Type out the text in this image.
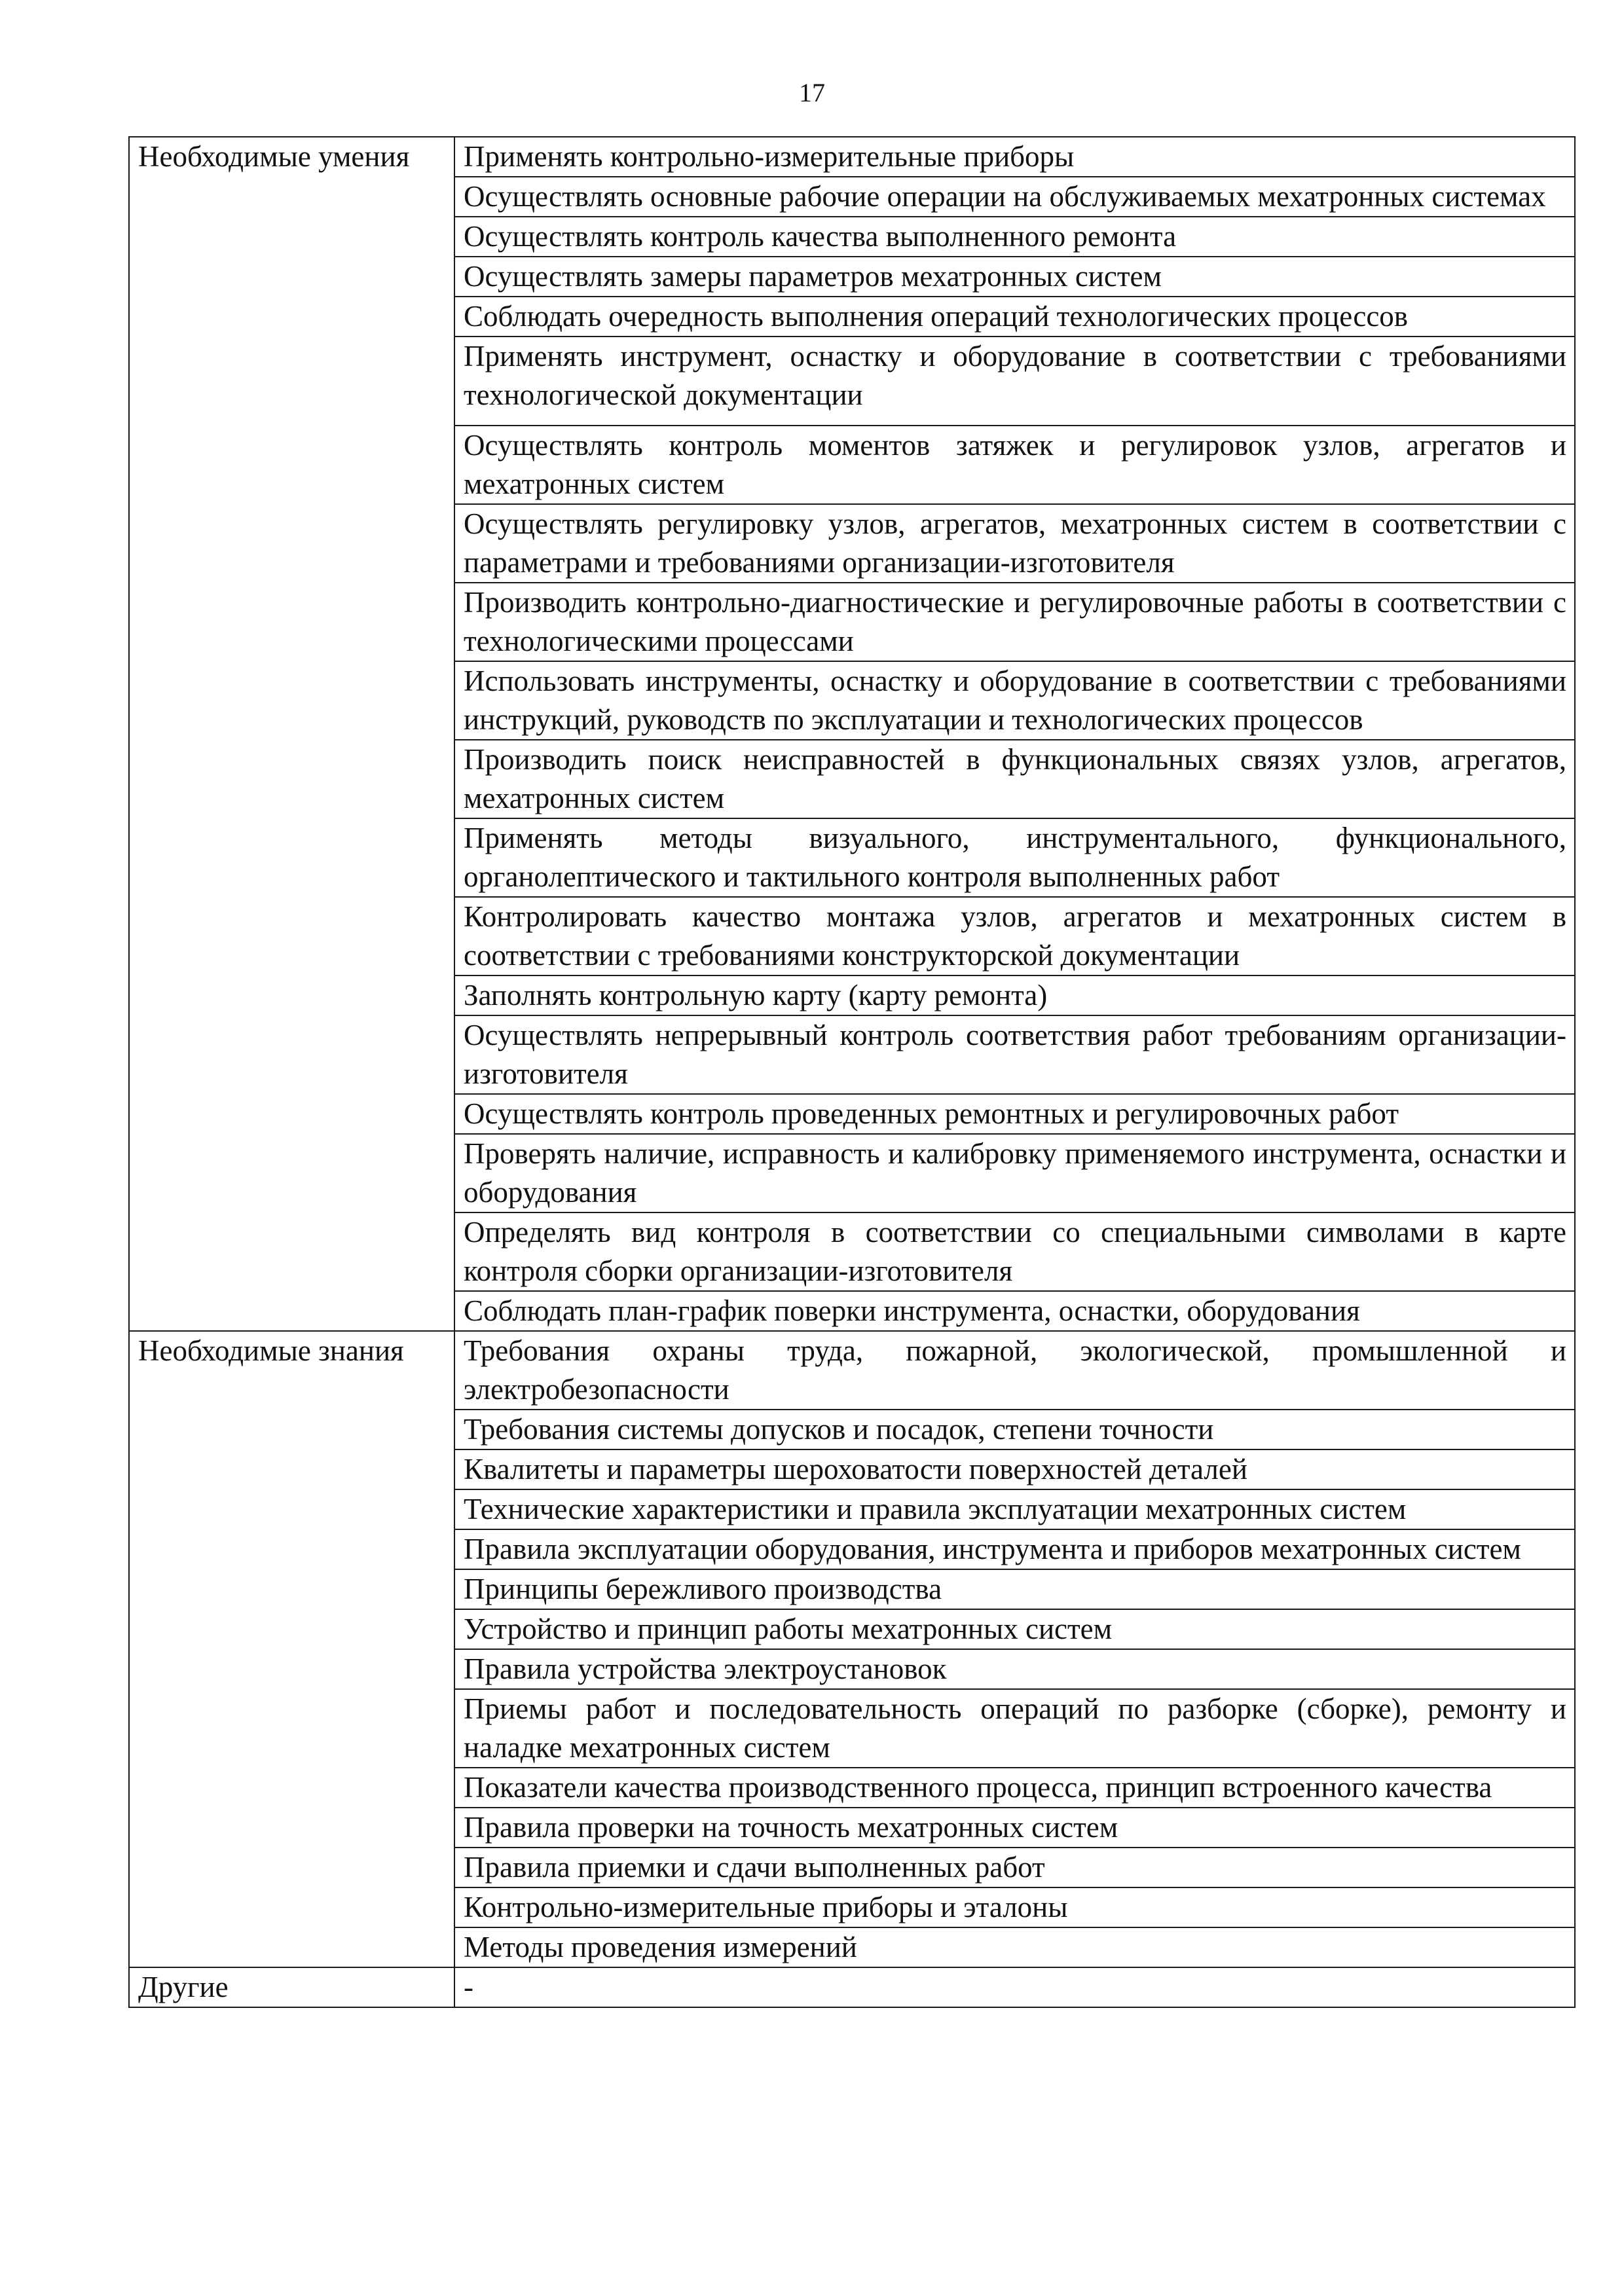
17
Необходимые умения	Применять контрольно-измерительные приборы
	Осуществлять основные рабочие операции на обслуживаемых мехатронных системах
	Осуществлять контроль качества выполненного ремонта
	Осуществлять замеры параметров мехатронных систем
	Соблюдать очередность выполнения операций технологических процессов
	Применять инструмент, оснастку и оборудование в соответствии с требованиями технологической документации
	Осуществлять контроль моментов затяжек и регулировок узлов, агрегатов и мехатронных систем
	Осуществлять регулировку узлов, агрегатов, мехатронных систем в соответствии с параметрами и требованиями организации-изготовителя
	Производить контрольно-диагностические и регулировочные работы в соответствии с технологическими процессами
	Использовать инструменты, оснастку и оборудование в соответствии с требованиями инструкций, руководств по эксплуатации и технологических процессов
	Производить поиск неисправностей в функциональных связях узлов, агрегатов, мехатронных систем
	Применять методы визуального, инструментального, функционального, органолептического и тактильного контроля выполненных работ
	Контролировать качество монтажа узлов, агрегатов и мехатронных систем в соответствии с требованиями конструкторской документации
	Заполнять контрольную карту (карту ремонта)
	Осуществлять непрерывный контроль соответствия работ требованиям организации-изготовителя
	Осуществлять контроль проведенных ремонтных и регулировочных работ
	Проверять наличие, исправность и калибровку применяемого инструмента, оснастки и оборудования
	Определять вид контроля в соответствии со специальными символами в карте контроля сборки организации-изготовителя
	Соблюдать план-график поверки инструмента, оснастки, оборудования
Необходимые знания	Требования охраны труда, пожарной, экологической, промышленной и электробезопасности
	Требования системы допусков и посадок, степени точности
	Квалитеты и параметры шероховатости поверхностей деталей
	Технические характеристики и правила эксплуатации мехатронных систем
	Правила эксплуатации оборудования, инструмента и приборов мехатронных систем
	Принципы бережливого производства
	Устройство и принцип работы мехатронных систем
	Правила устройства электроустановок
	Приемы работ и последовательность операций по разборке (сборке), ремонту и наладке мехатронных систем
	Показатели качества производственного процесса, принцип встроенного качества
	Правила проверки на точность мехатронных систем
	Правила приемки и сдачи выполненных работ
	Контрольно-измерительные приборы и эталоны
	Методы проведения измерений
Другие	-
